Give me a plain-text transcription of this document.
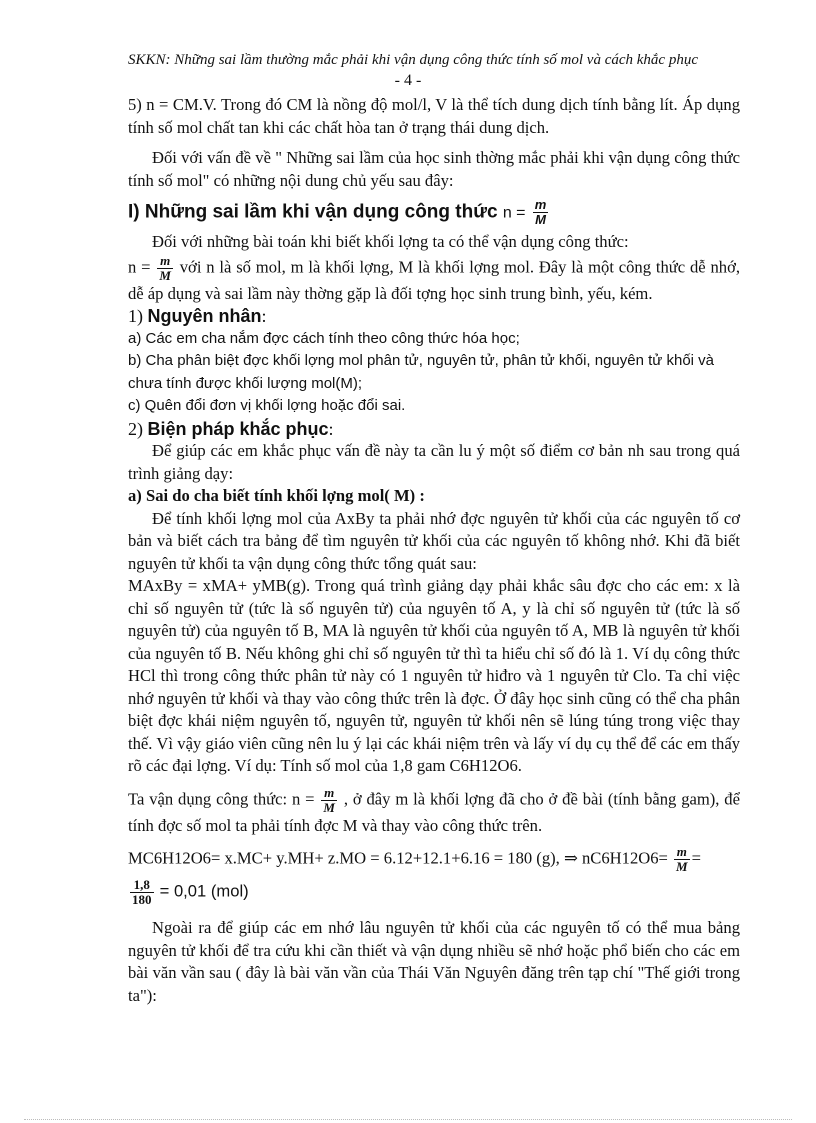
SKKN: Những sai lầm thường mắc phải khi vận dụng công thức tính số mol và cách khắc phục
- 4 -

5) n = CM.V. Trong đó CM là nồng độ mol/l, V là thể tích dung dịch tính bằng lít. Áp dụng tính số mol chất tan khi các chất hòa tan ở trạng thái dung dịch.

Đối với vấn đề về " Những sai lầm của học sinh thờng mắc phải khi vận dụng công thức tính số mol" có những nội dung chủ yếu sau đây:

I) Những sai lầm khi vận dụng công thức $n = \frac{m}{M}$

Đối với những bài toán khi biết khối lợng ta có thể vận dụng công thức:

$n = \frac{m}{M}$ với n là số mol, m là khối lợng, M là khối lợng mol. Đây là một công thức dễ nhớ, dễ áp dụng và sai lầm này thờng gặp là đối tợng học sinh trung bình, yếu, kém.

1) Nguyên nhân:

a) Các em cha nắm đợc cách tính theo công thức hóa học;

b) Cha phân biệt đợc khối lợng mol phân tử, nguyên tử, phân tử khối, nguyên tử khối và chưa tính được khối lượng mol(M);

c) Quên đổi đơn vị khối lợng hoặc đổi sai.

2) Biện pháp khắc phục:

Để giúp các em khắc phục vấn đề này ta cần lu ý một số điểm cơ bản nh sau trong quá trình giảng dạy:

a) Sai do cha biết tính khối lợng mol( M) :

Để tính khối lợng mol của AxBy ta phải nhớ đợc nguyên tử khối của các nguyên tố cơ bản và biết cách tra bảng để tìm nguyên tử khối của các nguyên tố không nhớ. Khi đã biết nguyên tử khối ta vận dụng công thức tổng quát sau:

MAxBy = xMA+ yMB(g). Trong quá trình giảng dạy phải khắc sâu đợc cho các em: x là chỉ số nguyên tử (tức là số nguyên tử) của nguyên tố A, y là chỉ số nguyên tử (tức là số nguyên tử) của nguyên tố B, MA là nguyên tử khối của nguyên tố A, MB là nguyên tử khối của nguyên tố B. Nếu không ghi chỉ số nguyên tử thì ta hiểu chỉ số đó là 1. Ví dụ công thức HCl thì trong công thức phân tử này có 1 nguyên tử hiđro và 1 nguyên tử Clo. Ta chỉ việc nhớ nguyên tử khối và thay vào công thức trên là đợc. Ở đây học sinh cũng có thể cha phân biệt đợc khái niệm nguyên tố, nguyên tử, nguyên tử khối nên sẽ lúng túng trong việc thay thế. Vì vậy giáo viên cũng nên lu ý lại các khái niệm trên và lấy ví dụ cụ thể để các em thấy rõ các đại lợng. Ví dụ: Tính số mol của 1,8 gam C6H12O6.

Ta vận dụng công thức: $n = \frac{m}{M}$ , ở đây m là khối lợng đã cho ở đề bài (tính bằng gam), để tính đợc số mol ta phải tính đợc M và thay vào công thức trên.

MC6H12O6= x.MC+ y.MH+ z.MO = 6.12+12.1+6.16 = 180 (g), ⇒ $nC6H12O6= \frac{m}{M}$ =

$\frac{1,8}{180} = 0,01$ (mol)

Ngoài ra để giúp các em nhớ lâu nguyên tử khối của các nguyên tố có thể mua bảng nguyên tử khối để tra cứu khi cần thiết và vận dụng nhiều sẽ nhớ hoặc phổ biến cho các em bài văn vần sau ( đây là bài văn vần của Thái Văn Nguyên đăng trên tạp chí "Thế giới trong ta"):
